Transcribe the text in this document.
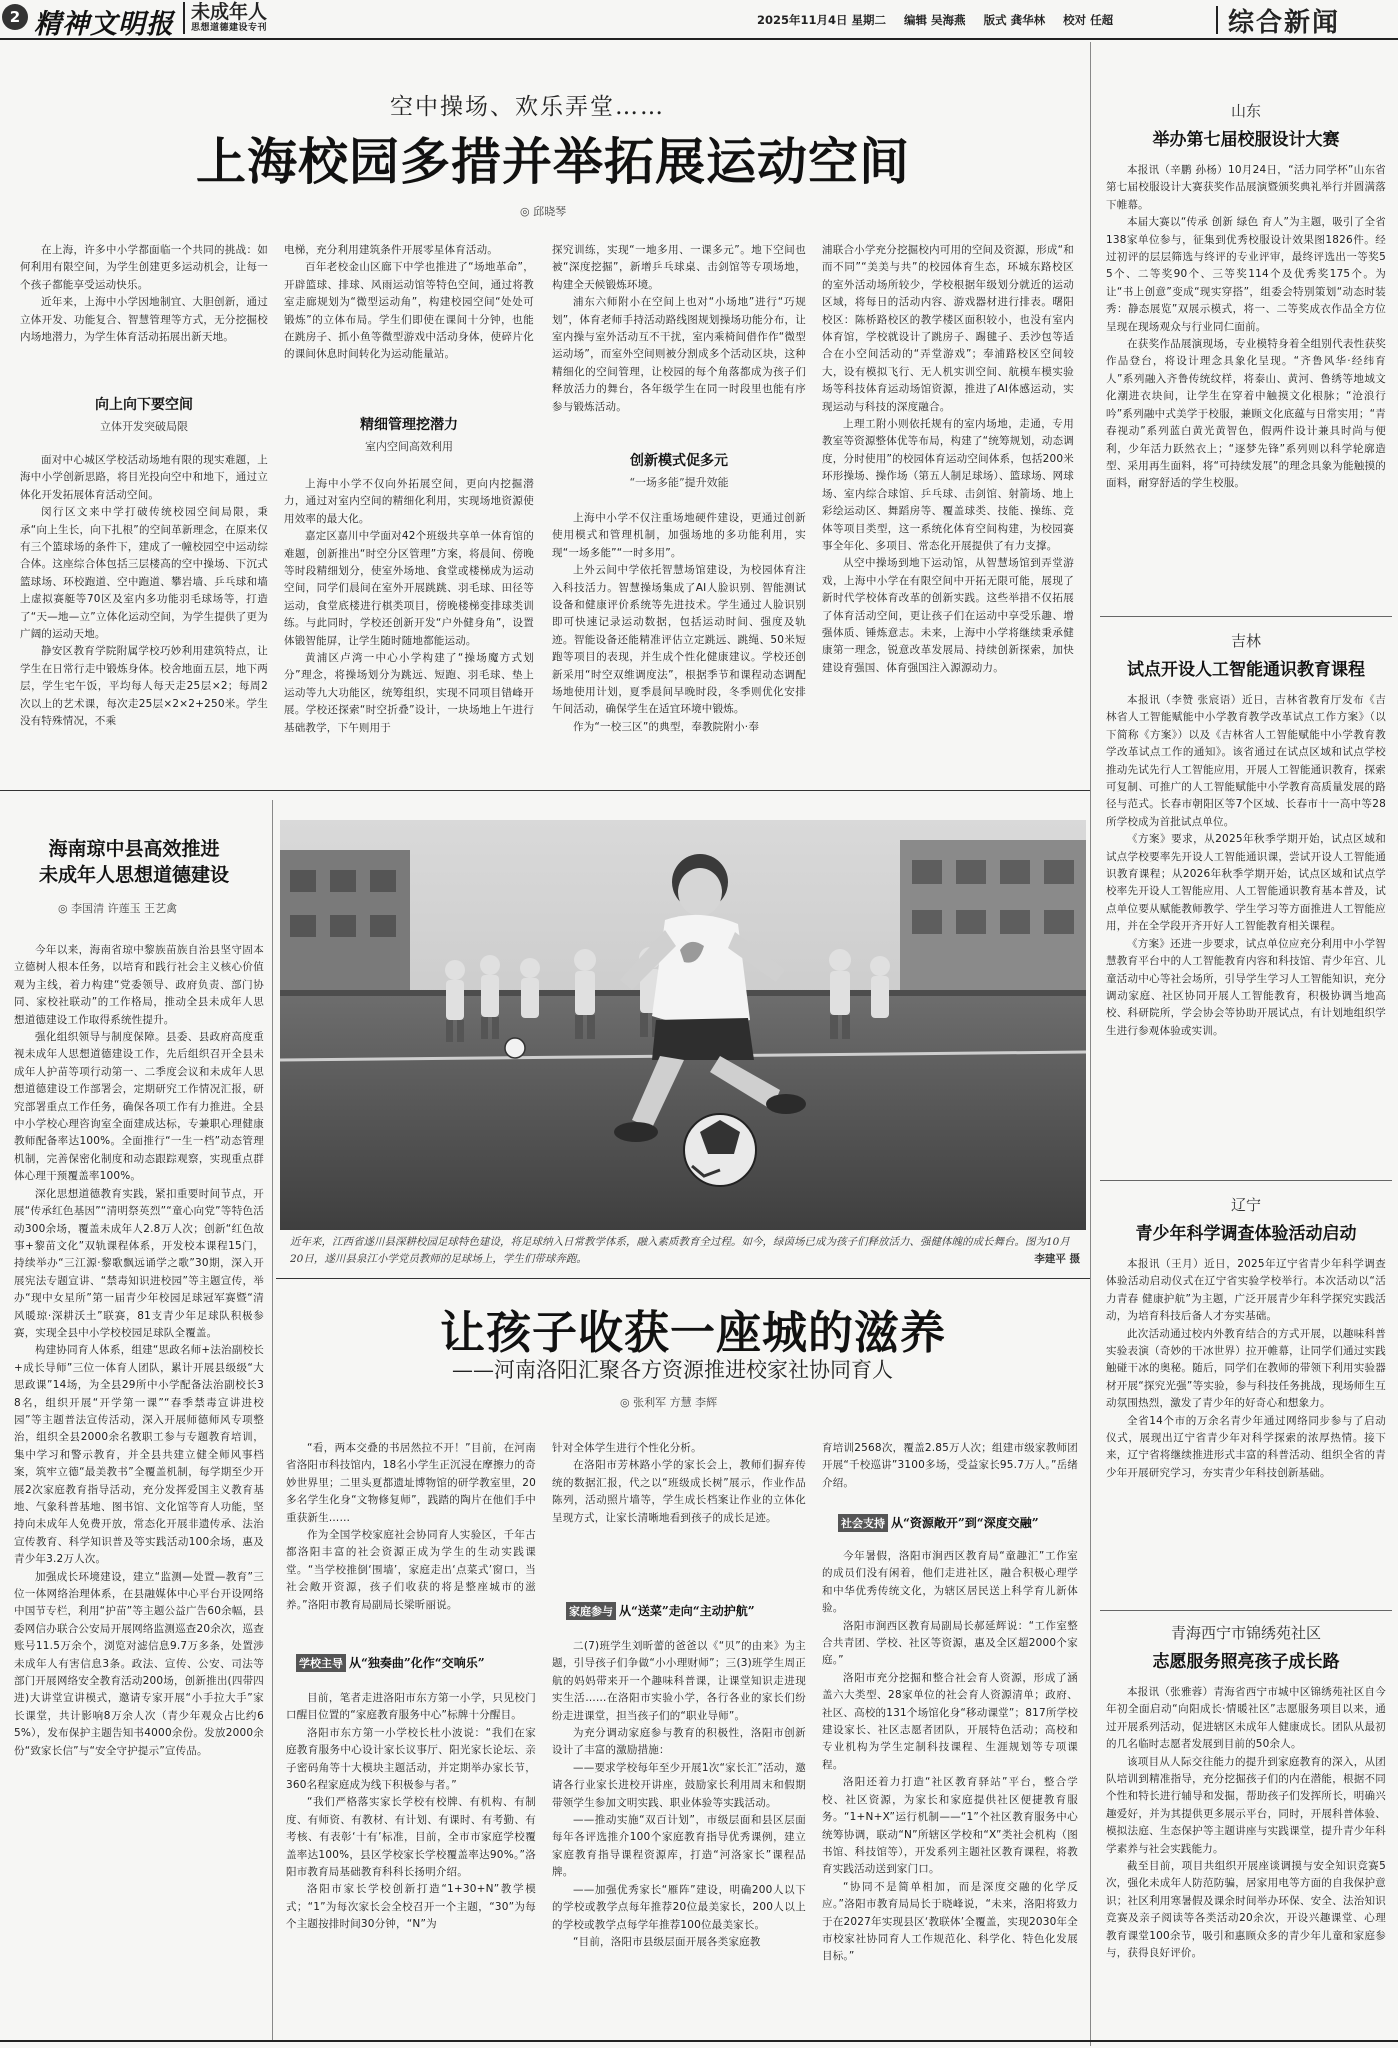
2 精神文明报 未成年人
思想道德建设专刊
2025年11月4日 星期二 编辑 吴海燕 版式 龚华林 校对 任超	综合新闻
空中操场、欢乐弄堂……
上海校园多措并举拓展运动空间
◎ 邱晓琴

在上海，许多中小学都面临一个共同的挑战：如何利用有限空间，为学生创建更多运动机会，让每一个孩子都能享受运动快乐。

近年来，上海中小学因地制宜、大胆创新，通过立体开发、功能复合、智慧管理等方式，无分挖掘校内场地潜力，为学生体育活动拓展出新天地。

向上向下要空间
立体开发突破局限

面对中心城区学校活动场地有限的现实难题，上海中小学创新思路，将目光投向空中和地下，通过立体化开发拓展体育活动空间。

闵行区文来中学打破传统校园空间局限，秉承“向上生长，向下扎根”的空间革新理念，在原来仅有三个篮球场的条件下，建成了一幢校园空中运动综合体。这座综合体包括三层楼高的空中操场、下沉式篮球场、环校跑道、空中跑道、攀岩墙、乒乓球和墙上虚拟赛艇等70区及室内多功能羽毛球场等，打造了“天—地—立”立体化运动空间，为学生提供了更为广阔的运动天地。

静安区教育学院附属学校巧妙利用建筑特点，让学生在日常行走中锻炼身体。校舍地面五层，地下两层，学生宅午饭，平均每人每天走25层×2；每周2次以上的艺术课，每次走25层×2×2+250米。学生没有特殊情况，不乘

电梯，充分利用建筑条件开展零星体育活动。

百年老校金山区廊下中学也推进了“场地革命”，开辟篮球、排球、风雨运动馆等特色空间，通过将教室走廊规划为“微型运动角”，构建校园空间“处处可锻炼”的立体布局。学生们即使在课间十分钟，也能在跳房子、抓小鱼等微型游戏中活动身体，使碎片化的课间休息时间转化为运动能量站。

精细管理挖潜力
室内空间高效利用

上海中小学不仅向外拓展空间，更向内挖掘潜力，通过对室内空间的精细化利用，实现场地资源使用效率的最大化。

嘉定区嘉川中学面对42个班级共享单一体育馆的难题，创新推出“时空分区管理”方案，将晨间、傍晚等时段精细划分，使室外场地、食堂或楼梯成为运动空间，同学们晨间在室外开展跳跳、羽毛球、田径等运动，食堂底楼进行棋类项目，傍晚楼梯变排球类训练。与此同时，学校还创新开发“户外健身角”，设置体锻智能屏，让学生随时随地都能运动。

黄浦区卢湾一中心小学构建了“操场魔方式划分”理念，将操场划分为跳远、短跑、羽毛球、垫上运动等九大功能区，统筹组织，实现不同项目错峰开展。学校还探索“时空折叠”设计，一块场地上午进行基础教学，下午则用于

探究训练，实现“一地多用、一课多元”。地下空间也被“深度挖掘”，新增乒乓球桌、击剑馆等专项场地，构建全天候锻炼环境。

浦东六师附小在空间上也对“小场地”进行“巧规划”，体育老师手持活动路线图规划操场功能分布，让室内操与室外活动互不干扰，室内乘椅间借作作“微型运动场”，而室外空间则被分割成多个活动区块，这种精细化的空间管理，让校园的每个角落都成为孩子们释放活力的舞台，各年级学生在同一时段里也能有序参与锻炼活动。

创新模式促多元
“一场多能”提升效能

上海中小学不仅注重场地硬件建设，更通过创新使用模式和管理机制，加强场地的多功能利用，实现“一场多能”“一时多用”。

上外云间中学依托智慧场馆建设，为校园体育注入科技活力。智慧操场集成了AI人脸识别、智能测试设备和健康评价系统等先进技术。学生通过人脸识别即可快速记录运动数据，包括运动时间、强度及轨迹。智能设备还能精准评估立定跳远、跳绳、50米短跑等项目的表现，并生成个性化健康建议。学校还创新采用“时空双维调度法”，根据季节和课程动态调配场地使用计划，夏季晨间早晚时段，冬季则优化安排午间活动，确保学生在适宜环境中锻炼。

作为“一校三区”的典型，奉教院附小·奉

浦联合小学充分挖掘校内可用的空间及资源，形成“和而不同”“美美与共”的校园体育生态，环城东路校区的室外活动场所较少，学校根据年级划分就近的运动区域，将每日的活动内容、游戏器材进行排表。曙阳校区：陈桥路校区的教学楼区面积较小，也没有室内体育馆，学校就设计了跳房子、踢毽子、丢沙包等适合在小空间活动的“弄堂游戏”；奉浦路校区空间较大，设有模拟飞行、无人机实训空间、航模车模实验场等科技体育运动场馆资源，推进了AI体感运动，实现运动与科技的深度融合。

上理工附小则依托规有的室内场地，走通，专用教室等资源整体优等布局，构建了“统筹规划，动态调度，分时使用”的校园体育运动空间体系，包括200米环形操场、操作场（第五人制足球场）、篮球场、网球场、室内综合球馆、乒乓球、击剑馆、射箭场、地上彩绘运动区、舞蹈房等、覆盖球类、技能、操练、竞体等项目类型，这一系统化体育空间构建，为校园赛事全年化、多项目、常态化开展提供了有力支撑。

从空中操场到地下运动馆，从智慧场馆到弄堂游戏，上海中小学在有限空间中开拓无限可能，展现了新时代学校体育改革的创新实践。这些举措不仅拓展了体育活动空间，更让孩子们在运动中享受乐趣、增强体质、锤炼意志。未来，上海中小学将继续秉承健康第一理念，锐意改革发展局、持续创新探索，加快建设育强国、体育强国注入源源动力。

山东
举办第七届校服设计大赛

本报讯（辛鹏 孙杨）10月24日，“活力同学杯”山东省第七届校服设计大赛获奖作品展演暨颁奖典礼举行并圆满落下帷幕。

本届大赛以“传承 创新 绿色 育人”为主题，吸引了全省138家单位参与，征集到优秀校服设计效果图1826件。经过初评的层层筛选与终评的专业评审，最终评选出一等奖55个、二等奖90个、三等奖114个及优秀奖175个。为让“书上创意”变成“现实穿搭”，组委会特别策划“动态时装秀：静态展览”双展示模式，将一、二等奖成衣作品全方位呈现在现场观众与行业同仁面前。

在获奖作品展演现场，专业模特身着全组别代表性获奖作品登台，将设计理念具象化呈现。“齐鲁风华·经纬育人”系列融入齐鲁传统纹样，将泰山、黄河、鲁绣等地域文化潮进衣块间，让学生在穿着中触摸文化根脉；“沧浪行吟”系列融中式美学于校服，兼顾文化底蕴与日常实用；“青春视动”系列蓝白黄光黄智色，假两件设计兼具时尚与便利，少年活力跃然衣上；“逐梦先锋”系列则以科学轮廓造型、采用再生面料，将“可持续发展”的理念具象为能触摸的面料，耐穿舒适的学生校服。

吉林
试点开设人工智能通识教育课程

本报讯（李赞 张宸语）近日，吉林省教育厅发布《吉林省人工智能赋能中小学教育教学改革试点工作方案》（以下简称《方案》）以及《吉林省人工智能赋能中小学教育教学改革试点工作的通知》。该省通过在试点区域和试点学校推动先试先行人工智能应用，开展人工智能通识教育，探索可复制、可推广的人工智能赋能中小学教育高质量发展的路径与范式。长春市朝阳区等7个区域、长春市十一高中等28所学校成为首批试点单位。

《方案》要求，从2025年秋季学期开始，试点区域和试点学校要率先开设人工智能通识课，尝试开设人工智能通识教育课程；从2026年秋季学期开始，试点区域和试点学校率先开设人工智能应用、人工智能通识教育基本普及，试点单位要从赋能教师教学、学生学习等方面推进人工智能应用，并在全学段开齐开好人工智能教育相关课程。

《方案》还进一步要求，试点单位应充分利用中小学智慧教育平台中的人工智能教育内容和科技馆、青少年宫、儿童活动中心等社会场所，引导学生学习人工智能知识，充分调动家庭、社区协同开展人工智能教育，积极协调当地高校、科研院所，学会协会等协助开展试点，有计划地组织学生进行参观体验或实训。

辽宁
青少年科学调查体验活动启动

本报讯（王月）近日，2025年辽宁省青少年科学调查体验活动启动仪式在辽宁省实验学校举行。本次活动以“活力青春 健康护航”为主题，广泛开展青少年科学探究实践活动，为培育科技后备人才夯实基础。

此次活动通过校内外教育结合的方式开展，以趣味科普实验表演（奇妙的干冰世界）拉开帷幕，让同学们通过实践触碰干冰的奥秘。随后，同学们在教师的带领下利用实验器材开展“探究光强”等实验，参与科技任务挑战，现场师生互动氛围热烈，激发了青少年的好奇心和想象力。

全省14个市的万余名青少年通过网络同步参与了启动仪式，展现出辽宁省青少年对科学探索的浓厚热情。接下来，辽宁省将继续推进形式丰富的科普活动、组织全省的青少年开展研究学习，夯实青少年科技创新基础。

青海西宁市锦绣苑社区
志愿服务照亮孩子成长路

本报讯（张雅蓉）青海省西宁市城中区锦绣苑社区自今年初全面启动“向阳成长·情暖社区”志愿服务项目以来，通过开展系列活动，促进辖区未成年人健康成长。团队从最初的几名临时志愿者发展到目前的50余人。

该项目从人际交往能力的提升到家庭教育的深入，从团队培训到精准指导，充分挖掘孩子们的内在潜能，根据不同个性和特长进行辅导和发掘，帮助孩子们发挥所长，明确兴趣爱好，并为其提供更多展示平台，同时，开展科普体验、模拟法庭、生态保护等主题讲座与实践课堂，提升青少年科学素养与社会实践能力。

截至目前，项目共组织开展座谈调摸与安全知识竞赛5次，强化未成年人防范防骗，居家用电等方面的自我保护意识；社区利用寒暑假及课余时间举办环保、安全、法治知识竞赛及亲子阅读等各类活动20余次，开设兴趣课堂、心理教育课堂100余节，吸引和惠顾众多的青少年儿童和家庭参与，获得良好评价。

海南琼中县高效推进
未成年人思想道德建设
◎ 李国清 许莲玉 王艺禽

今年以来，海南省琼中黎族苗族自治县坚守固本立德树人根本任务，以培育和践行社会主义核心价值观为主线，着力构建“党委领导、政府负责、部门协同、家校社联动”的工作格局，推动全县未成年人思想道德建设工作取得系统性提升。

强化组织领导与制度保障。县委、县政府高度重视未成年人思想道德建设工作，先后组织召开全县未成年人护苗等项行动第一、二季度会议和未成年人思想道德建设工作部署会，定期研究工作情况汇报，研究部署重点工作任务，确保各项工作有力推进。全县中小学校心理咨询室全面建成达标，专兼职心理健康教师配备率达100%。全面推行“一生一档”动态管理机制，完善保密化制度和动态跟踪观察，实现重点群体心理干预覆盖率100%。

深化思想道德教育实践，紧扣重要时间节点，开展“传承红色基因”“清明祭英烈”“童心向党”等特色活动300余场，覆盖未成年人2.8万人次；创新“红色故事+黎苗文化”双轨课程体系，开发校本课程15门，持续举办“三江源·黎歌飘远诵学之歌”30期，深入开展宪法专题宣讲、“禁毒知识进校园”等主题宣传，举办“现中女星所”第一届青少年校园足球冠军赛暨“清风暖琼·深耕沃土”联赛，81支青少年足球队积极参赛，实现全县中小学校校园足球队全覆盖。

构建协同育人体系，组建“思政名师+法治副校长+成长导师”三位一体育人团队，累计开展县级级“大思政课”14场，为全县29所中小学配备法治副校长38名，组织开展“开学第一课”“春季禁毒宣讲进校园”等主题普法宣传活动，深入开展师德师风专项整治，组织全县2000余名教职工参与专题教育培训，集中学习和警示教育，并全县共建立健全师风事档案，筑牢立德“最美教书”全覆盖机制，每学期至少开展2次家庭教育指导活动，充分发挥爱国主义教育基地、气象科普基地、图书馆、文化馆等育人功能，坚持向未成年人免费开放，常态化开展非遗传承、法治宣传教育、科学知识普及等实践活动100余场，惠及青少年3.2万人次。

加强成长环境建设，建立“监测—处置—教育”三位一体网络治理体系，在县融媒体中心平台开设网络中国节专栏，利用“护苗”等主题公益广告60余幅，县委网信办联合公安局开展网络监测巡查20余次，巡查账号11.5万余个，浏览对滤信息9.7万多条，处置涉未成年人有害信息3条。政法、宣传、公安、司法等部门开展网络安全教育活动200场，创新推出(四带四进)大讲堂宣讲模式，邀请专家开展“小手拉大手”家长课堂，共计影响8万余人次（青少年观众占比约65%），发布保护主题告知书4000余份。发放2000余份“致家长信”与“安全守护提示”宣传品。

近年来，江西省遂川县深耕校园足球特色建设，将足球纳入日常教学体系，融入素质教育全过程。如今，绿茵场已成为孩子们释放活力、强健体魄的成长舞台。图为10月20日，遂川县泉江小学党员教师的足球场上，学生们带球奔跑。	李建平 摄
让孩子收获一座城的滋养
——河南洛阳汇聚各方资源推进校家社协同育人
◎ 张利军 方慧 李辉

“看，两本交叠的书居然拉不开！”目前，在河南省洛阳市科技馆内，18名小学生正沉浸在摩擦力的奇妙世界里；二里头夏都遗址博物馆的研学教室里，20多名学生化身“文物修复师”，践踏的陶片在他们手中重获新生……

作为全国学校家庭社会协同育人实验区，千年古都洛阳丰富的社会资源正成为学生的生动实践课堂。“当学校推倒‘围墙’，家庭走出‘点菜式’窗口，当社会敞开资源，孩子们收获的将是整座城市的滋养。”洛阳市教育局副局长梁昕丽说。

学校主导 从“独奏曲”化作“交响乐”

目前，笔者走进洛阳市东方第一小学，只见校门口醒目位置的“家庭教育服务中心”标牌十分醒目。

洛阳市东方第一小学校长杜小波说：“我们在家庭教育服务中心设计家长议事厅、阳光家长论坛、亲子密码角等十大模块主题活动，并定期举办家长节，360名程家庭成为线下积极参与者。”

“我们严格落实家长学校有校牌、有机构、有制度、有师资、有教材、有计划、有课时、有考勤、有考核、有表彰‘十有’标准，目前，全市市家庭学校覆盖率达100%，县区学校家长学校覆盖率达90%。”洛阳市教育局基础教育科科长扬明介绍。

洛阳市家长学校创新打造“1+30+N”教学模式；“1”为每次家长会全校召开一个主题，“30”为每个主题按排时间30分钟，“N”为

针对全体学生进行个性化分析。

在洛阳市芳林路小学的家长会上，教师们摒弃传统的数据汇报，代之以“班级成长树”展示，作业作品陈列，活动照片墙等，学生成长档案让作业的立体化呈现方式，让家长清晰地看到孩子的成长足迹。

家庭参与 从“送菜”走向“主动护航”

二(7)班学生刘昕蕾的爸爸以《“贝”的由来》为主题，引导孩子们争做“小小理财师”；三(3)班学生周正航的妈妈带来开一个趣味科普课，让课堂知识走进现实生活……在洛阳市实验小学，各行各业的家长们纷纷走进课堂，担当孩子们的“职业导师”。

为充分调动家庭参与教育的积极性，洛阳市创新设计了丰富的激励措施：

——要求学校每年至少开展1次“家长汇”活动，邀请各行业家长进校开讲座，鼓励家长利用周末和假期带领学生参加文明实践、职业体验等实践活动。

——推动实施“双百计划”，市级层面和县区层面每年各评选推介100个家庭教育指导优秀课例，建立家庭教育指导课程资源库，打造“河洛家长”课程品牌。

——加强优秀家长“雁阵”建设，明确200人以下的学校或教学点每年推荐20位最美家长，200人以上的学校或教学点每学年推荐100位最美家长。

“目前，洛阳市县级层面开展各类家庭教

育培训2568次，覆盖2.85万人次；组建市级家教师团开展“千校巡讲”3100多场，受益家长95.7万人。”岳绪介绍。

社会支持 从“资源敞开”到“深度交融”

今年暑假，洛阳市涧西区教育局“童趣汇”工作室的成员们没有闲着，他们走进社区，融合积极心理学和中华优秀传统文化，为辖区居民送上科学育儿新体验。

洛阳市涧西区教育局副局长郝延辉说：“工作室整合共青团、学校、社区等资源，惠及全区超2000个家庭。”

洛阳市充分挖掘和整合社会育人资源，形成了涵盖六大类型、28家单位的社会育人资源清单；政府、社区、高校的131个场馆化身“移动课堂”；817所学校建设家长、社区志愿者团队，开展特色活动；高校和专业机构为学生定制科技课程、生涯规划等专项课程。

洛阳还着力打造“社区教育驿站”平台，整合学校、社区资源，为家长和家庭提供社区便捷教育服务。“1+N+X”运行机制——“1”个社区教育服务中心统筹协调，联动“N”所辖区学校和“X”类社会机构（图书馆、科技馆等），开发系列主题社区教育课程，将教育实践活动送到家门口。

“协同不是简单相加，而是深度交融的化学反应。”洛阳市教育局局长于晓峰说，“未来，洛阳将致力于在2027年实现县区‘教联体’全覆盖，实现2030年全市校家社协同育人工作规范化、科学化、特色化发展目标。”
